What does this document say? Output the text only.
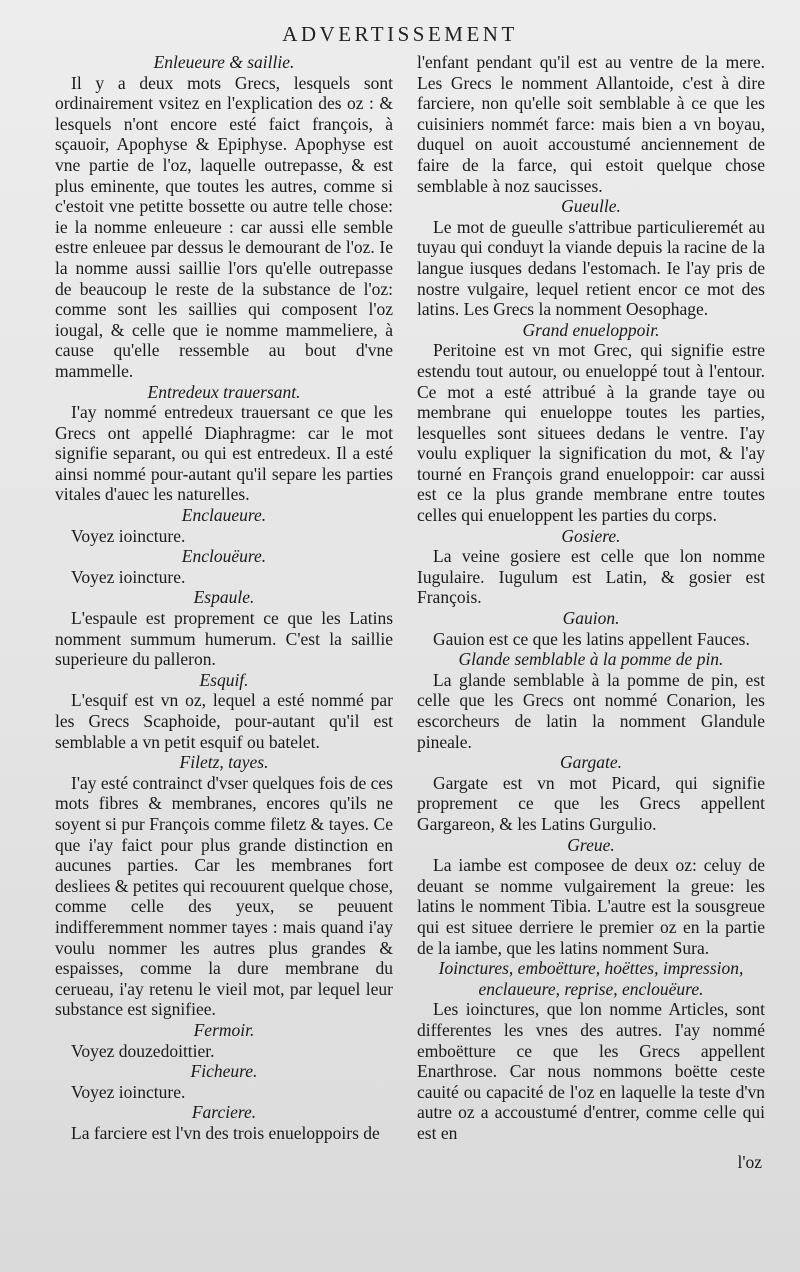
ADVERTISSEMENT

Enleueure & saillie.

Il y a deux mots Grecs, lesquels sont ordinairement vsitez en l'explication des oz : & lesquels n'ont encore esté faict françois, à sçauoir, Apophyse & Epiphyse. Apophyse est vne partie de l'oz, laquelle outrepasse, & est plus eminente, que toutes les autres, comme si c'estoit vne petitte bossette ou autre telle chose: ie la nomme enleueure : car aussi elle semble estre enleuee par dessus le demourant de l'oz. Ie la nomme aussi saillie l'ors qu'elle outrepasse de beaucoup le reste de la substance de l'oz: comme sont les saillies qui composent l'oz iougal, & celle que ie nomme mammeliere, à cause qu'elle ressemble au bout d'vne mammelle.

Entredeux trauersant.

I'ay nommé entredeux trauersant ce que les Grecs ont appellé Diaphragme: car le mot signifie separant, ou qui est entredeux. Il a esté ainsi nommé pour-autant qu'il separe les parties vitales d'auec les naturelles.

Enclaueure.

Voyez ioincture.

Enclouëure.

Voyez ioincture.

Espaule.

L'espaule est proprement ce que les Latins nomment summum humerum. C'est la saillie superieure du palleron.

Esquif.

L'esquif est vn oz, lequel a esté nommé par les Grecs Scaphoide, pour-autant qu'il est semblable a vn petit esquif ou batelet.

Filetz, tayes.

I'ay esté contrainct d'vser quelques fois de ces mots fibres & membranes, encores qu'ils ne soyent si pur François comme filetz & tayes. Ce que i'ay faict pour plus grande distinction en aucunes parties. Car les membranes fort desliees & petites qui recouurent quelque chose, comme celle des yeux, se peuuent indifferemment nommer tayes : mais quand i'ay voulu nommer les autres plus grandes & espaisses, comme la dure membrane du cerueau, i'ay retenu le vieil mot, par lequel leur substance est signifiee.

Fermoir.

Voyez douzedoittier.

Ficheure.

Voyez ioincture.

Farciere.

La farciere est l'vn des trois enueloppoirs de

l'enfant pendant qu'il est au ventre de la mere. Les Grecs le nomment Allantoide, c'est à dire farciere, non qu'elle soit semblable à ce que les cuisiniers nommét farce: mais bien a vn boyau, duquel on auoit accoustumé anciennement de faire de la farce, qui estoit quelque chose semblable à noz saucisses.

Gueulle.

Le mot de gueulle s'attribue particulieremét au tuyau qui conduyt la viande depuis la racine de la langue iusques dedans l'estomach. Ie l'ay pris de nostre vulgaire, lequel retient encor ce mot des latins. Les Grecs la nomment Oesophage.

Grand enueloppoir.

Peritoine est vn mot Grec, qui signifie estre estendu tout autour, ou enueloppé tout à l'entour. Ce mot a esté attribué à la grande taye ou membrane qui enueloppe toutes les parties, lesquelles sont situees dedans le ventre. I'ay voulu expliquer la signification du mot, & l'ay tourné en François grand enueloppoir: car aussi est ce la plus grande membrane entre toutes celles qui enueloppent les parties du corps.

Gosiere.

La veine gosiere est celle que lon nomme Iugulaire. Iugulum est Latin, & gosier est François.

Gauion.

Gauion est ce que les latins appellent Fauces.

Glande semblable à la pomme de pin.

La glande semblable à la pomme de pin, est celle que les Grecs ont nommé Conarion, les escorcheurs de latin la nomment Glandule pineale.

Gargate.

Gargate est vn mot Picard, qui signifie proprement ce que les Grecs appellent Gargareon, & les Latins Gurgulio.

Greue.

La iambe est composee de deux oz: celuy de deuant se nomme vulgairement la greue: les latins le nomment Tibia. L'autre est la sousgreue qui est situee derriere le premier oz en la partie de la iambe, que les latins nomment Sura.

Ioinctures, emboëtture, hoëttes, impression, enclaueure, reprise, enclouëure.

Les ioinctures, que lon nomme Articles, sont differentes les vnes des autres. I'ay nommé emboëtture ce que les Grecs appellent Enarthrose. Car nous nommons boëtte ceste cauité ou capacité de l'oz en laquelle la teste d'vn autre oz a accoustumé d'entrer, comme celle qui est en

l'oz
